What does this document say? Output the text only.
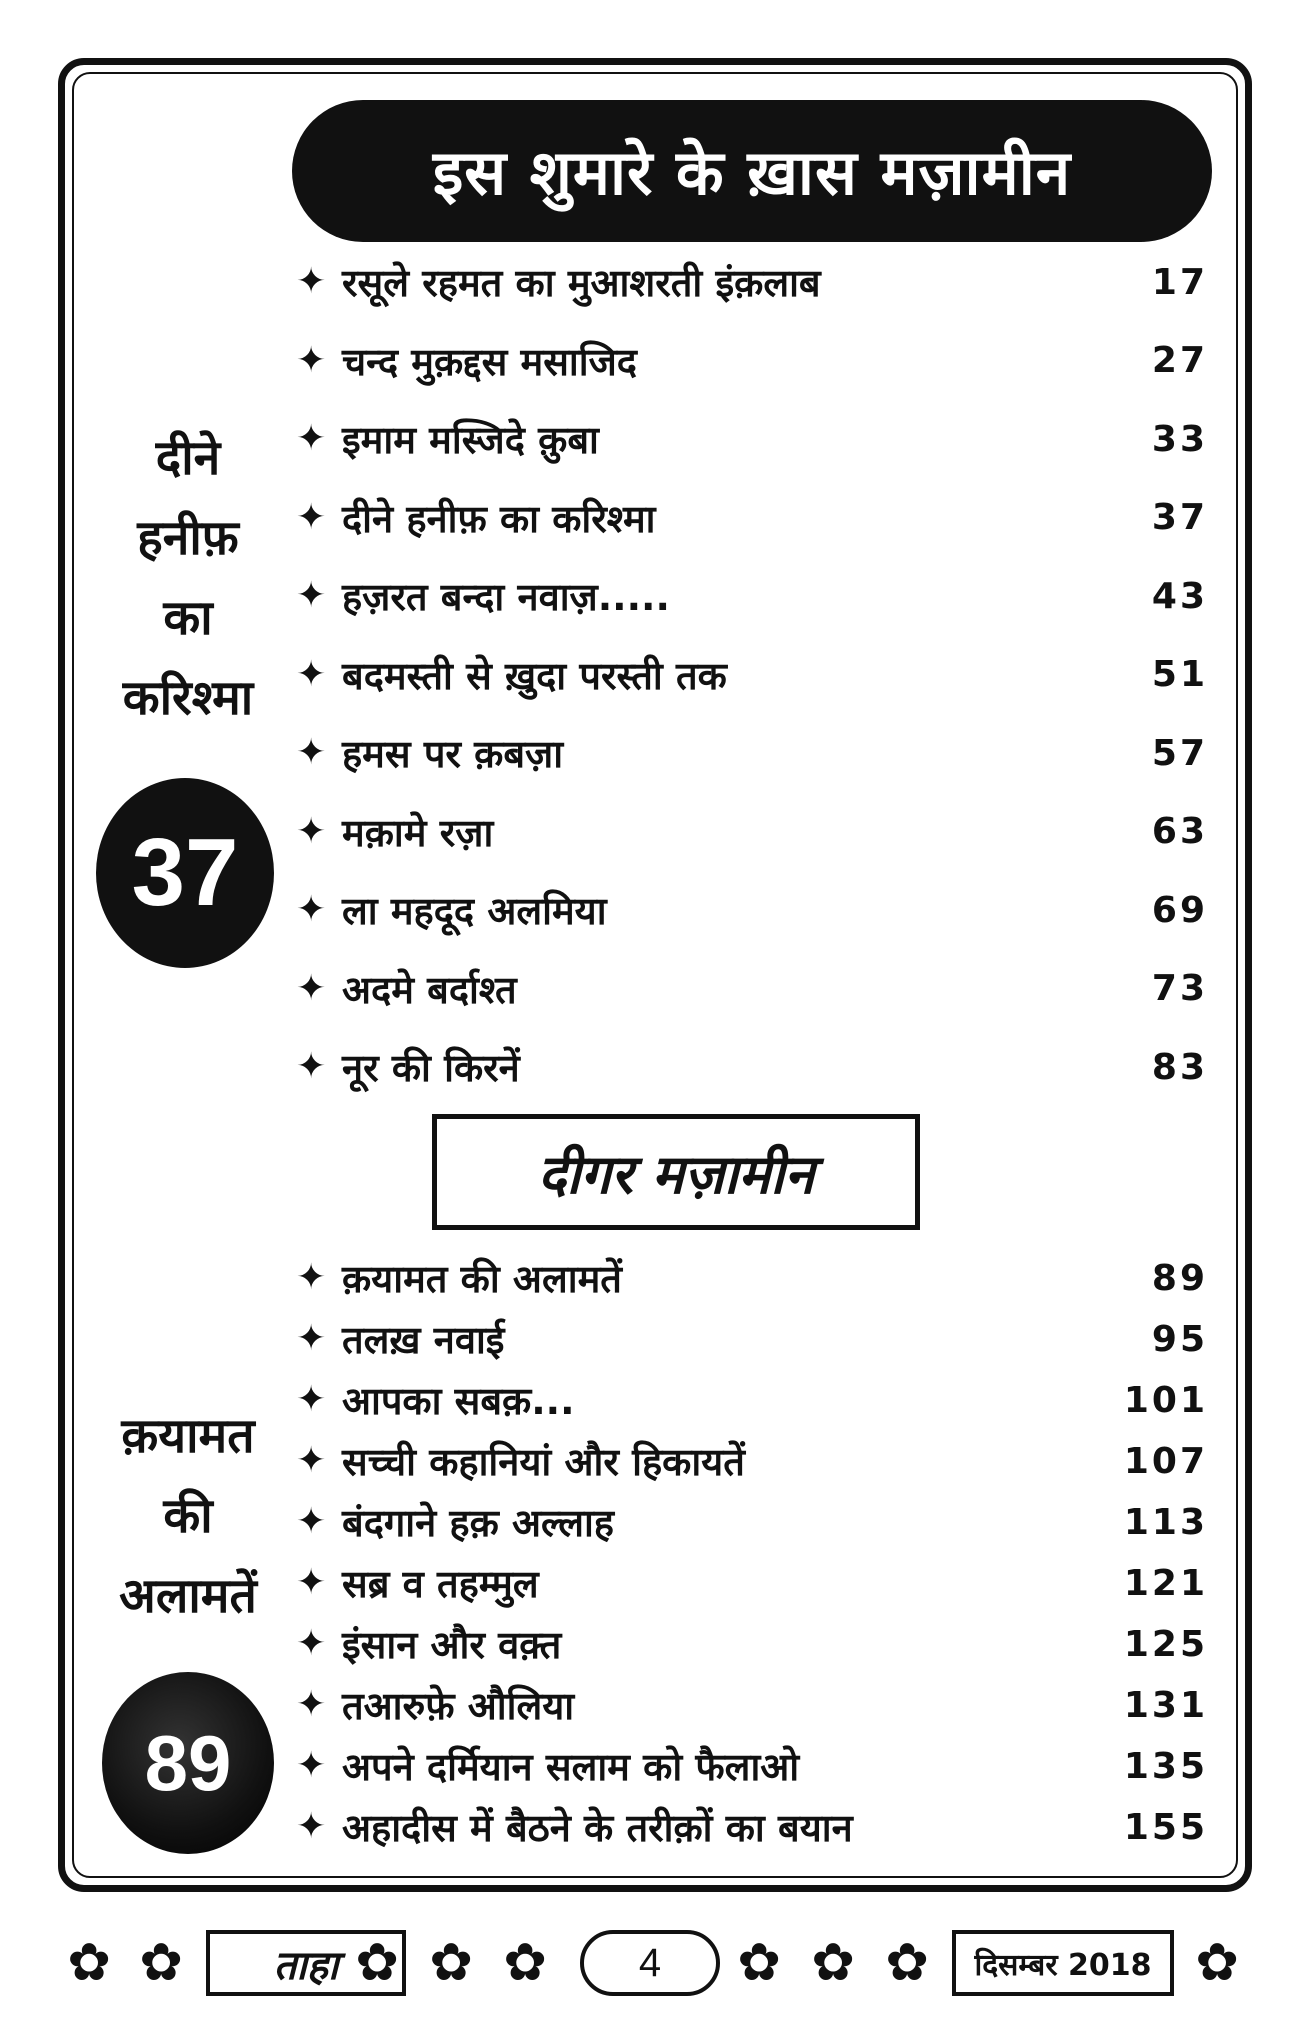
इस शुमारे के ख़ास मज़ामीन
दीने
हनीफ़
का
करिश्मा
37
✦ रसूले रहमत का मुआशरती इंक़लाब	17
✦ चन्द मुक़द्दस मसाजिद	27
✦ इमाम मस्जिदे क़ुबा	33
✦ दीने हनीफ़ का करिश्मा	37
✦ हज़रत बन्दा नवाज़.....	43
✦ बदमस्ती से ख़ुदा परस्ती तक	51
✦ हमस पर क़बज़ा	57
✦ मक़ामे रज़ा	63
✦ ला महदूद अलमिया	69
✦ अदमे बर्दाश्त	73
✦ नूर की किरनें	83
दीगर मज़ामीन
क़यामत
की
अलामतें
89
✦ क़यामत की अलामतें	89
✦ तलख़ नवाई	95
✦ आपका सबक़...	101
✦ सच्ची कहानियां और हिकायतें	107
✦ बंदगाने हक़ अल्लाह	113
✦ सब्र व तहम्मुल	121
✦ इंसान और वक़्त	125
✦ तआरुफ़े औलिया	131
✦ अपने दर्मियान सलाम को फैलाओ	135
✦ अहादीस में बैठने के तरीक़ों का बयान	155
✿ ✿	ताहा ✿ ✿ ✿	4	✿ ✿ ✿	दिसम्बर 2018 ✿
